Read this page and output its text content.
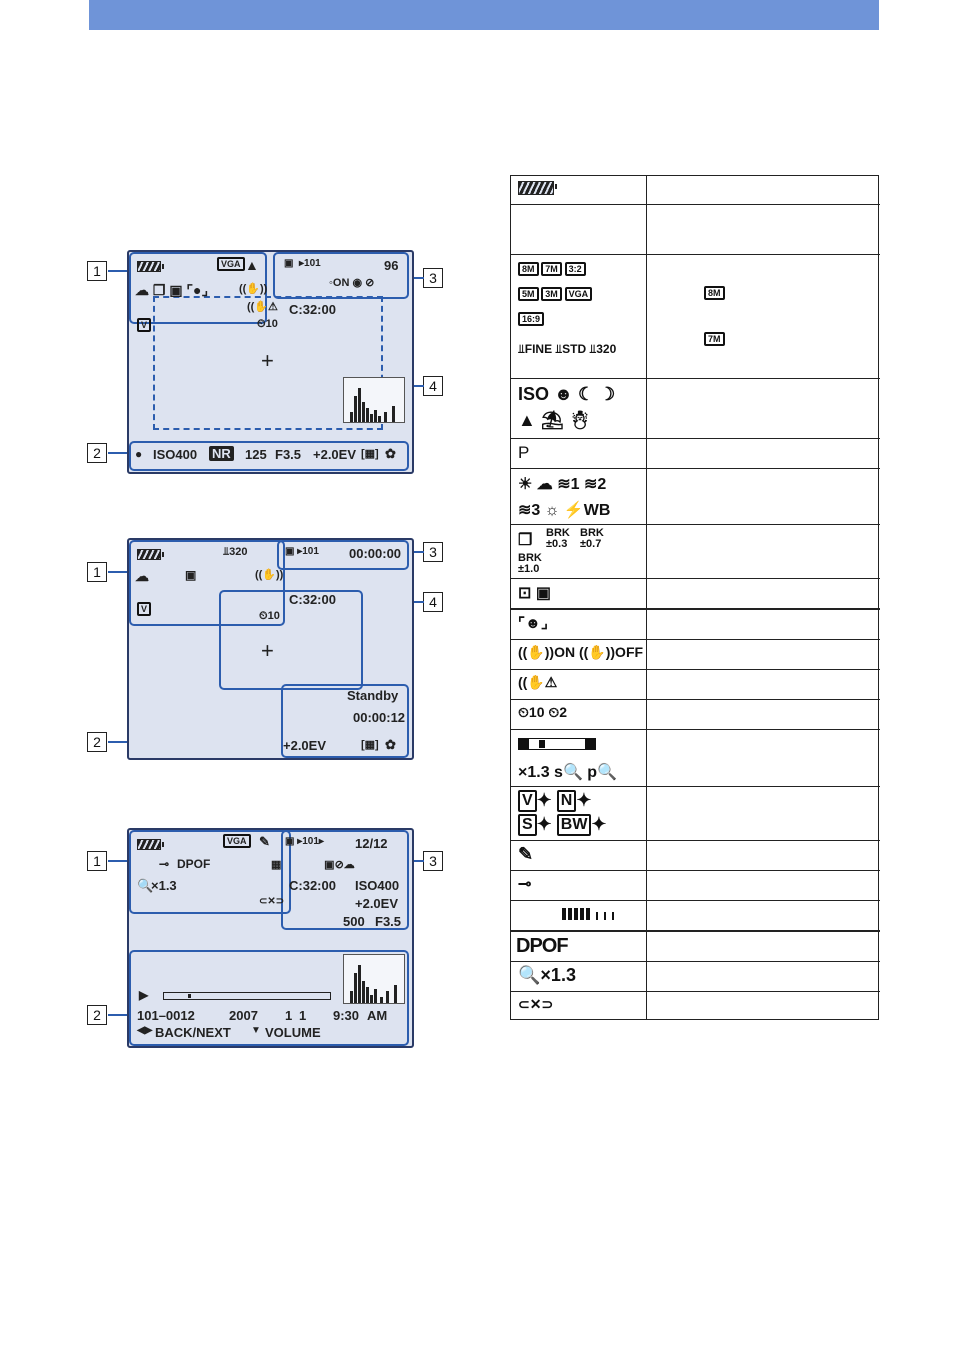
1
2
3
4
VGA ▲	▣ ▸101	96
◦ON ◉ ⊘
☁ ❐ ▣ ⌜●⌟	((✋))
((✋⚠
⏲10
V
C:32:00
+
● ISO400 NR 125 F3.5 +2.0EV [▦] ✿
1
2
3
4
⫫320	▣ ▸101 00:00:00
☁	▣	((✋))
V
C:32:00
⏲10
+
Standby
00:00:12
+2.0EV	[▦] ✿
1
2
3
VGA ✎ ▣ ▸101▸ 12/12
⊸ DPOF
🔍
×1.3
⊂✕⊃
▦              ▣⊘☁
C:32:00 ISO400
+2.0EV
500 F3.5
▶
101–0012	2007 1 1 9:30 AM
◀▶ BACK/NEXT ▼ VOLUME
8M 7M 3:2
5M 3M VGA
16:9
⫫FINE ⫫STD ⫫320
8M
7M
ISO ☻ ☾ ☽
▲ ⛱ ☃
P
☀ ☁ ≋1 ≋2
≋3 ☼ ⚡WB
❐ BRK ±0.3
BRK ±0.7
BRK ±1.0
⊡ ▣
⌜☻⌟
((✋))ON ((✋))OFF
((✋⚠
⏲10 ⏲2
×1.3 s🔍 p🔍
V ✦ N ✦
S ✦ BW ✦
✎
⊸
DPOF
🔍×1.3
⊂✕⊃
